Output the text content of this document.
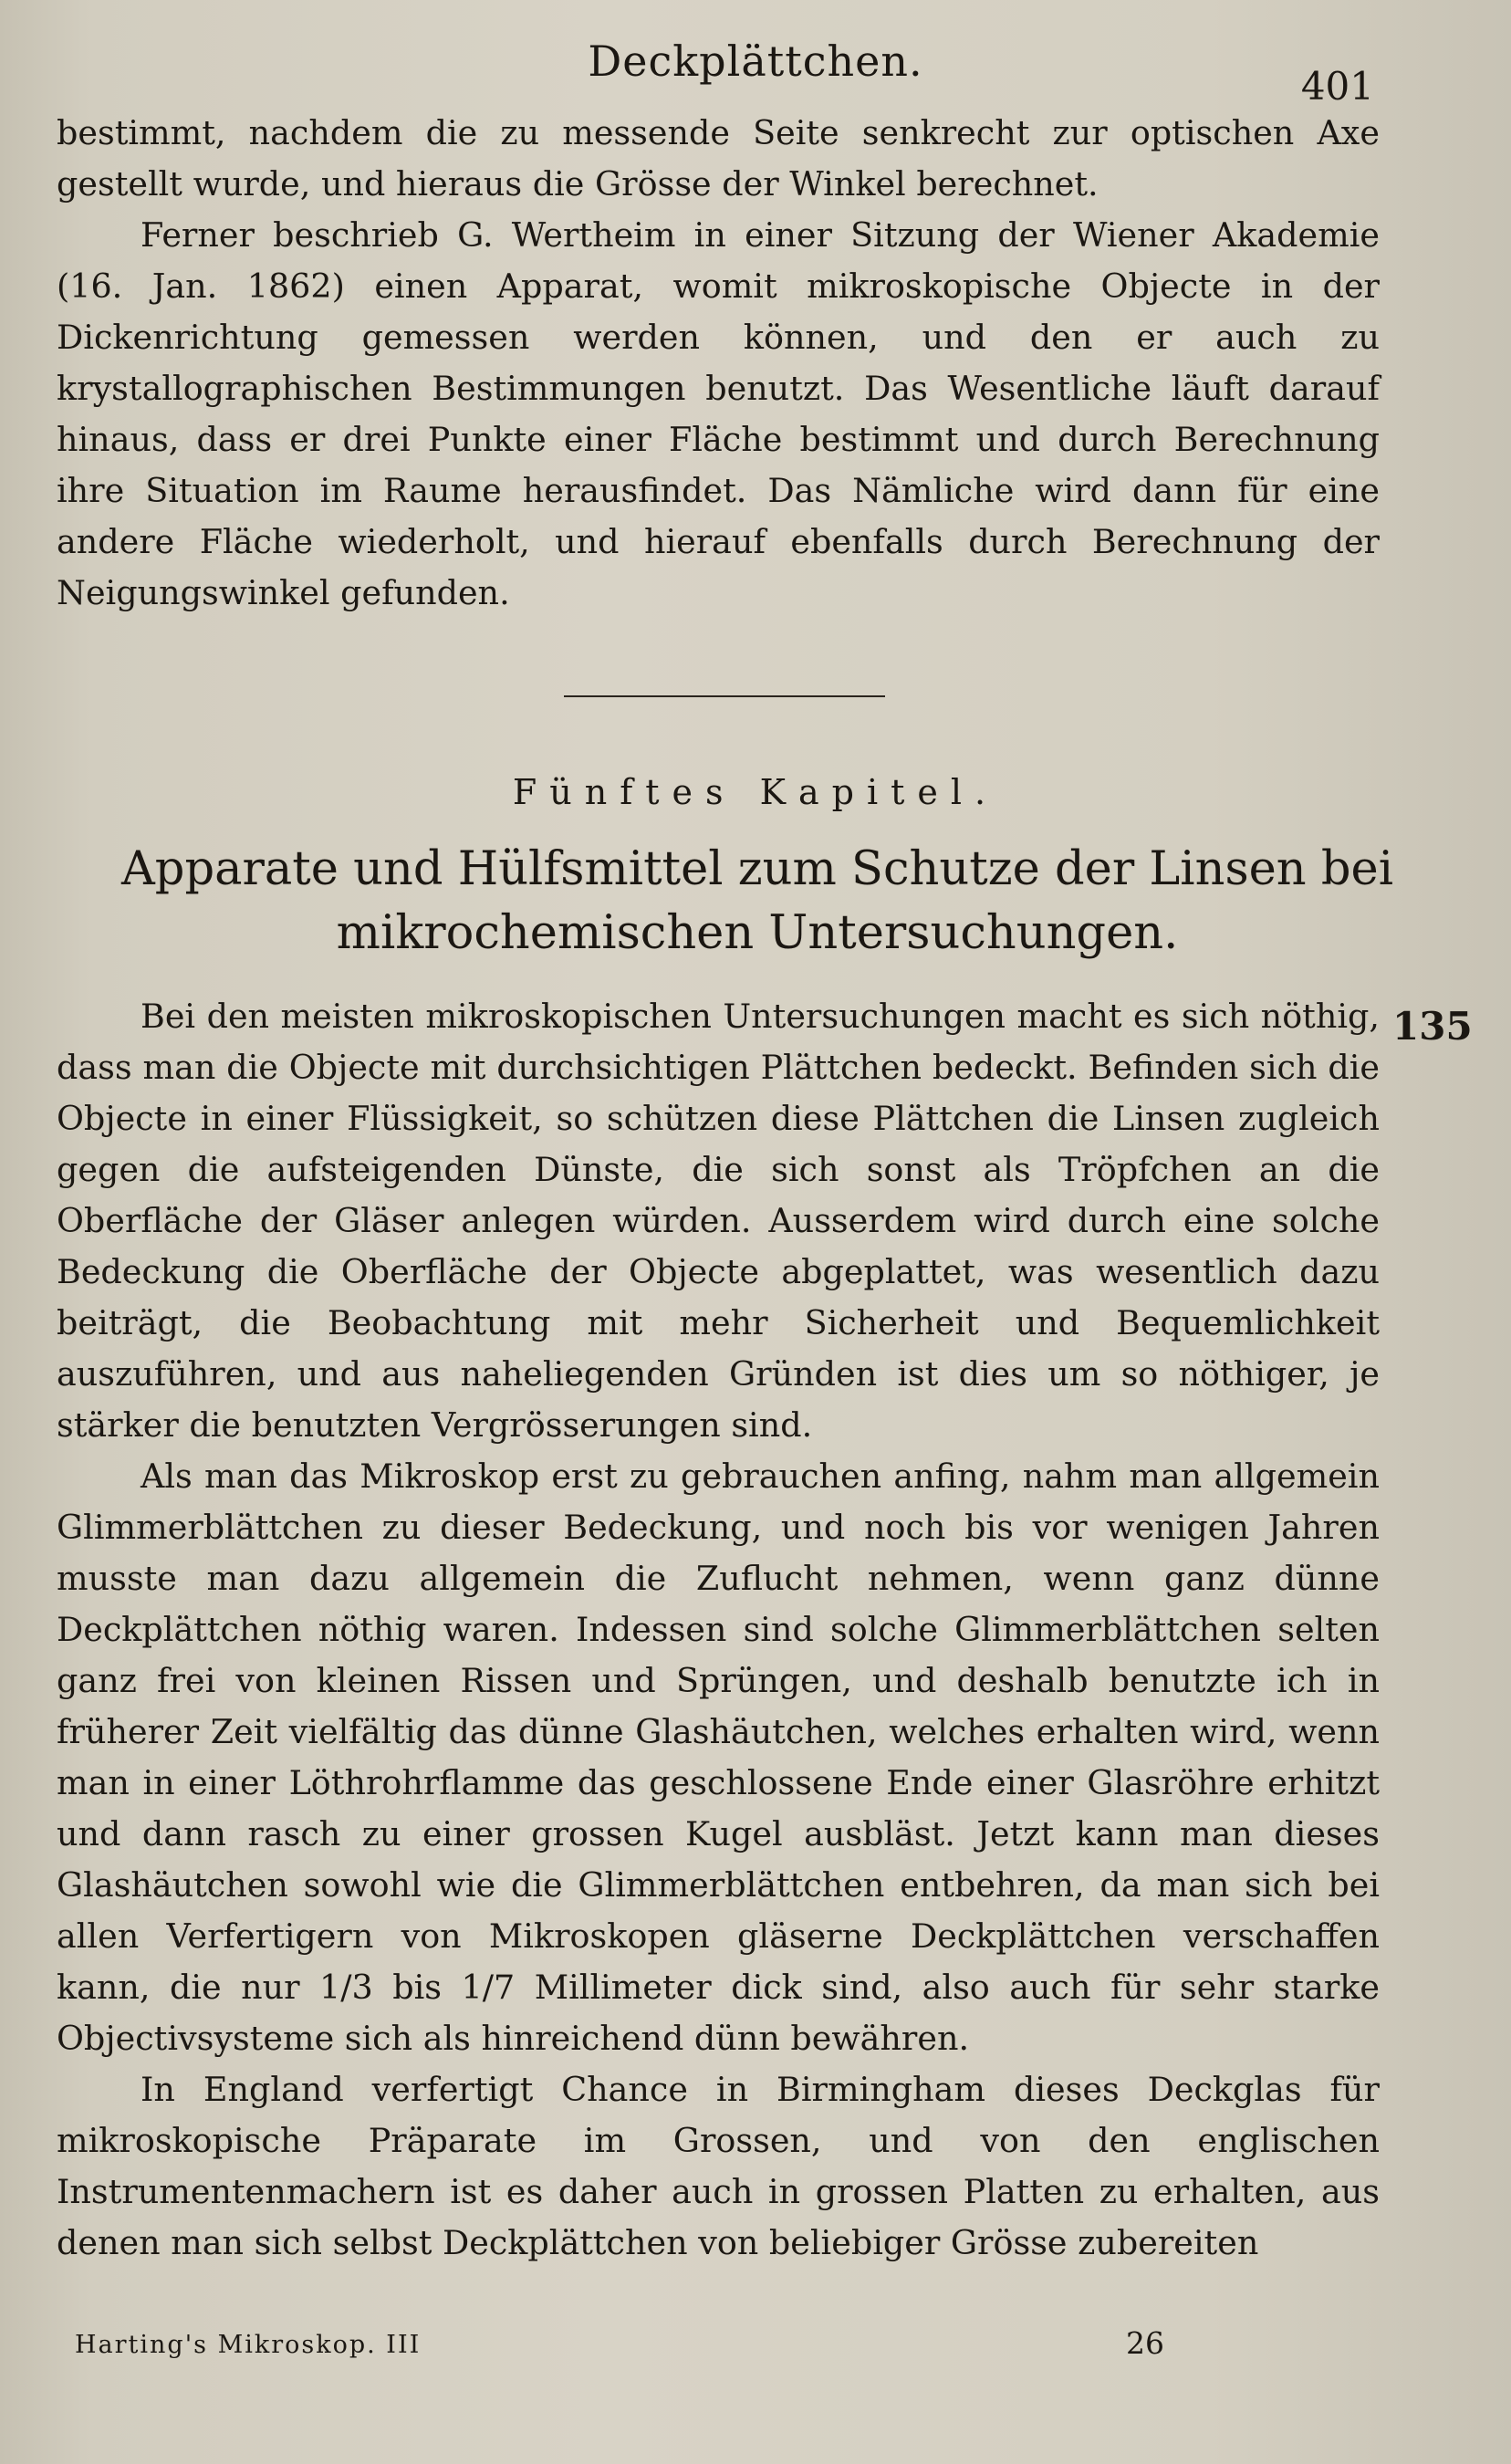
Deckplättchen.
401

bestimmt, nachdem die zu messende Seite senkrecht zur optischen Axe gestellt wurde, und hieraus die Grösse der Winkel berechnet.

Ferner beschrieb G. Wertheim in einer Sitzung der Wiener Akademie (16. Jan. 1862) einen Apparat, womit mikroskopische Objecte in der Dickenrichtung gemessen werden können, und den er auch zu krystallographischen Bestimmungen benutzt. Das Wesentliche läuft darauf hinaus, dass er drei Punkte einer Fläche bestimmt und durch Berechnung ihre Situation im Raume herausfindet. Das Nämliche wird dann für eine andere Fläche wiederholt, und hierauf ebenfalls durch Berechnung der Neigungswinkel gefunden.

Fünftes Kapitel.
Apparate und Hülfsmittel zum Schutze der Linsen bei
mikrochemischen Untersuchungen.
135

Bei den meisten mikroskopischen Untersuchungen macht es sich nöthig, dass man die Objecte mit durchsichtigen Plättchen bedeckt. Befinden sich die Objecte in einer Flüssigkeit, so schützen diese Plättchen die Linsen zugleich gegen die aufsteigenden Dünste, die sich sonst als Tröpfchen an die Oberfläche der Gläser anlegen würden. Ausserdem wird durch eine solche Bedeckung die Oberfläche der Objecte abgeplattet, was wesentlich dazu beiträgt, die Beobachtung mit mehr Sicherheit und Bequemlichkeit auszuführen, und aus naheliegenden Gründen ist dies um so nöthiger, je stärker die benutzten Vergrösserungen sind.

Als man das Mikroskop erst zu gebrauchen anfing, nahm man allgemein Glimmerblättchen zu dieser Bedeckung, und noch bis vor wenigen Jahren musste man dazu allgemein die Zuflucht nehmen, wenn ganz dünne Deckplättchen nöthig waren. Indessen sind solche Glimmerblättchen selten ganz frei von kleinen Rissen und Sprüngen, und deshalb benutzte ich in früherer Zeit vielfältig das dünne Glashäutchen, welches erhalten wird, wenn man in einer Löthrohrflamme das geschlossene Ende einer Glasröhre erhitzt und dann rasch zu einer grossen Kugel ausbläst. Jetzt kann man dieses Glashäutchen sowohl wie die Glimmerblättchen entbehren, da man sich bei allen Verfertigern von Mikroskopen gläserne Deckplättchen verschaffen kann, die nur 1/3 bis 1/7 Millimeter dick sind, also auch für sehr starke Objectivsysteme sich als hinreichend dünn bewähren.

In England verfertigt Chance in Birmingham dieses Deckglas für mikroskopische Präparate im Grossen, und von den englischen Instrumentenmachern ist es daher auch in grossen Platten zu erhalten, aus denen man sich selbst Deckplättchen von beliebiger Grösse zubereiten

Harting's Mikroskop. III	26
